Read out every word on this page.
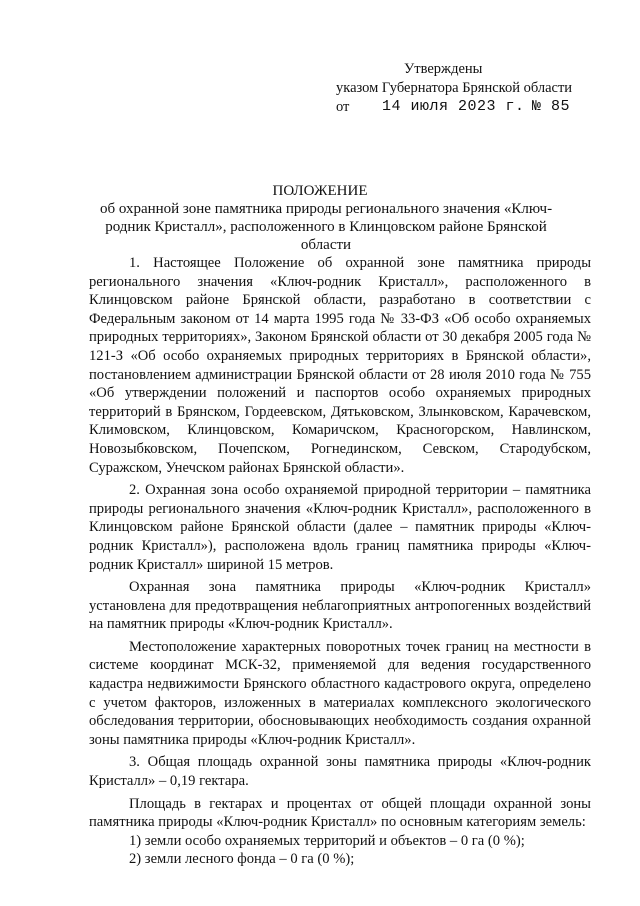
Утверждены
указом Губернатора Брянской области
от 14 июля 2023 г. № 85
ПОЛОЖЕНИЕ
об охранной зоне памятника природы регионального значения «Ключ-родник Кристалл», расположенного в Клинцовском районе Брянской области

1. Настоящее Положение об охранной зоне памятника природы регионального значения «Ключ-родник Кристалл», расположенного в Клинцовском районе Брянской области, разработано в соответствии с Федеральным законом от 14 марта 1995 года № 33-ФЗ «Об особо охраняемых природных территориях», Законом Брянской области от 30 декабря 2005 года № 121-З «Об особо охраняемых природных территориях в Брянской области», постановлением администрации Брянской области от 28 июля 2010 года № 755 «Об утверждении положений и паспортов особо охраняемых природных территорий в Брянском, Гордеевском, Дятьковском, Злынковском, Карачевском, Климовском, Клинцовском, Комаричском, Красногорском, Навлинском, Новозыбковском, Почепском, Рогнединском, Севском, Стародубском, Суражском, Унечском районах Брянской области».

2. Охранная зона особо охраняемой природной территории – памятника природы регионального значения «Ключ-родник Кристалл», расположенного в Клинцовском районе Брянской области (далее – памятник природы «Ключ-родник Кристалл»), расположена вдоль границ памятника природы «Ключ-родник Кристалл» шириной 15 метров.

Охранная зона памятника природы «Ключ-родник Кристалл» установлена для предотвращения неблагоприятных антропогенных воздействий на памятник природы «Ключ-родник Кристалл».

Местоположение характерных поворотных точек границ на местности в системе координат МСК-32, применяемой для ведения государственного кадастра недвижимости Брянского областного кадастрового округа, определено с учетом факторов, изложенных в материалах комплексного экологического обследования территории, обосновывающих необходимость создания охранной зоны памятника природы «Ключ-родник Кристалл».

3. Общая площадь охранной зоны памятника природы «Ключ-родник Кристалл» – 0,19 гектара.

Площадь в гектарах и процентах от общей площади охранной зоны памятника природы «Ключ-родник Кристалл» по основным категориям земель:

1) земли особо охраняемых территорий и объектов – 0 га (0 %);

2) земли лесного фонда – 0 га (0 %);
